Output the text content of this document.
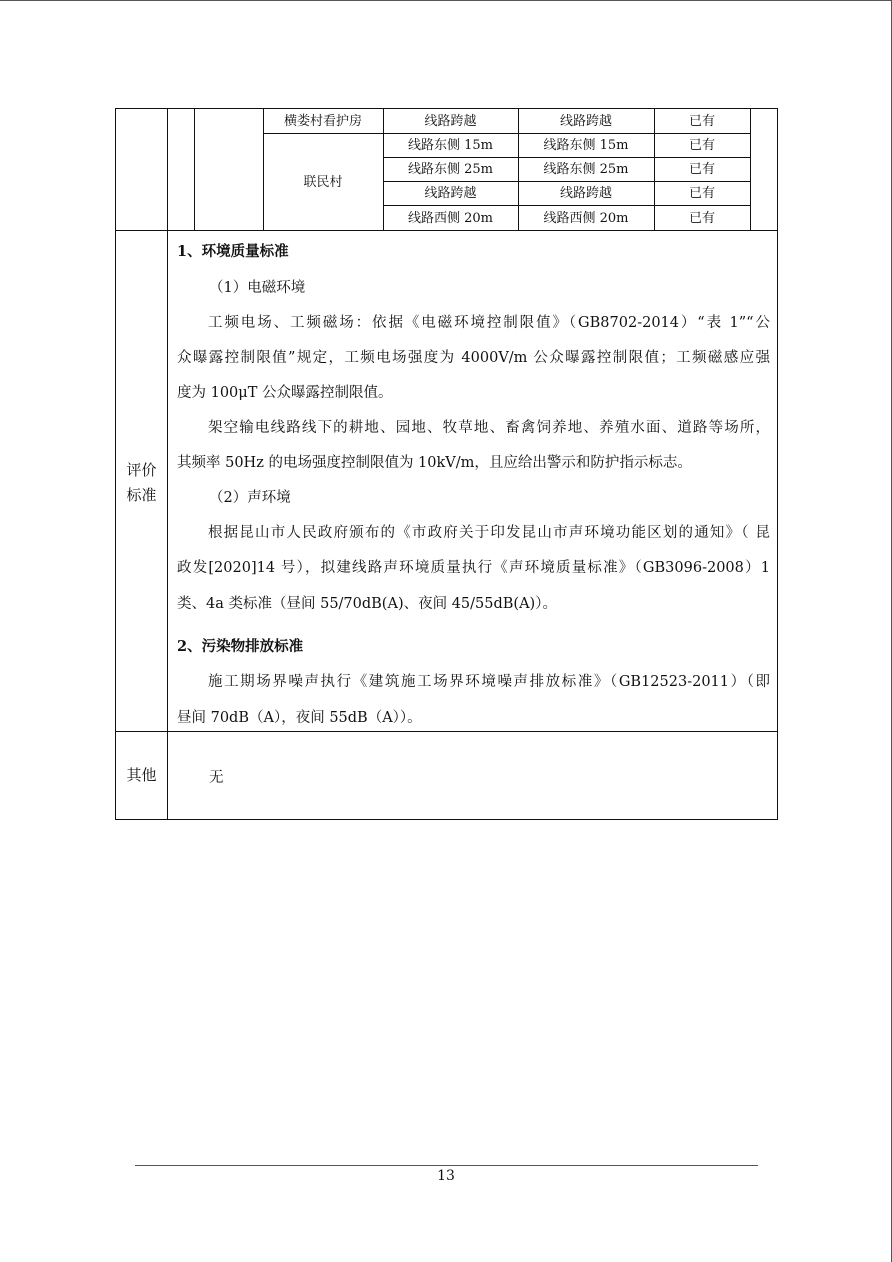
横娄村看护房	线路跨越	线路跨越	已有
联民村
线路东侧 15m	线路东侧 15m	已有
线路东侧 25m	线路东侧 25m	已有
线路跨越	线路跨越	已有
线路西侧 20m	线路西侧 20m	已有
评价
标准
1、环境质量标准
（1）电磁环境
工频电场、工频磁场：依据《电磁环境控制限值》（GB8702-2014）“表 1”“公
众曝露控制限值”规定，工频电场强度为 4000V/m 公众曝露控制限值；工频磁感应强
度为 100μT 公众曝露控制限值。
架空输电线路线下的耕地、园地、牧草地、畜禽饲养地、养殖水面、道路等场所，
其频率 50Hz 的电场强度控制限值为 10kV/m，且应给出警示和防护指示标志。
（2）声环境
根据昆山市人民政府颁布的《市政府关于印发昆山市声环境功能区划的通知》（ 昆
政发[2020]14 号），拟建线路声环境质量执行《声环境质量标准》（GB3096-2008）1
类、4a 类标准（昼间 55/70dB(A)、夜间 45/55dB(A)）。
2、污染物排放标准
施工期场界噪声执行《建筑施工场界环境噪声排放标准》（GB12523-2011）（即
昼间 70dB（A），夜间 55dB（A））。
其他	无
13
